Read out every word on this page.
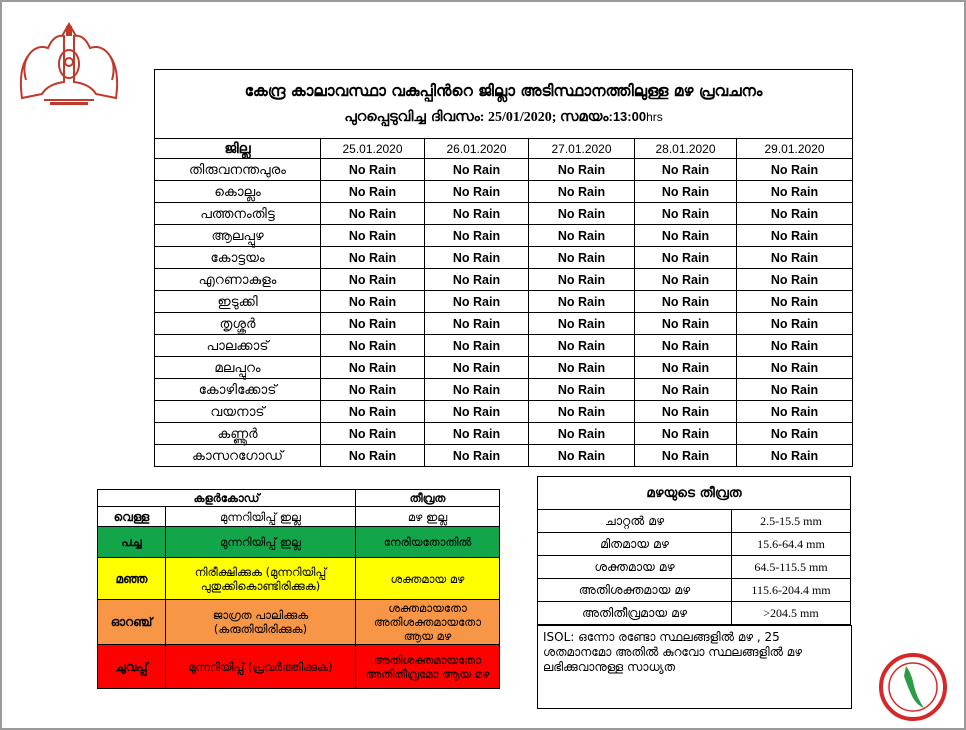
കേന്ദ്ര കാലാവസ്ഥാ വകുപ്പിൻറെ ജില്ലാ അടിസ്ഥാനത്തിലുള്ള മഴ പ്രവചനം
പുറപ്പെടുവിച്ച ദിവസം: 25/01/2020; സമയം:13:00hrs					

ജില്ല	25.01.2020	26.01.2020	27.01.2020	28.01.2020	29.01.2020
തിരുവനന്തപുരം	No Rain	No Rain	No Rain	No Rain	No Rain
കൊല്ലം	No Rain	No Rain	No Rain	No Rain	No Rain
പത്തനംതിട്ട	No Rain	No Rain	No Rain	No Rain	No Rain
ആലപ്പുഴ	No Rain	No Rain	No Rain	No Rain	No Rain
കോട്ടയം	No Rain	No Rain	No Rain	No Rain	No Rain
എറണാകുളം	No Rain	No Rain	No Rain	No Rain	No Rain
ഇടുക്കി	No Rain	No Rain	No Rain	No Rain	No Rain
തൃശ്ശൂർ	No Rain	No Rain	No Rain	No Rain	No Rain
പാലക്കാട്	No Rain	No Rain	No Rain	No Rain	No Rain
മലപ്പുറം	No Rain	No Rain	No Rain	No Rain	No Rain
കോഴിക്കോട്	No Rain	No Rain	No Rain	No Rain	No Rain
വയനാട്	No Rain	No Rain	No Rain	No Rain	No Rain
കണ്ണൂർ	No Rain	No Rain	No Rain	No Rain	No Rain
കാസറഗോഡ്	No Rain	No Rain	No Rain	No Rain	No Rain
കളർകോഡ്		തീവ്രത
വെള്ള	മുന്നറിയിപ്പ് ഇല്ല	മഴ ഇല്ല
പച്ച	മുന്നറിയിപ്പ് ഇല്ല	നേരിയതോതിൽ
മഞ്ഞ	നിരീക്ഷിക്കുക (മുന്നറിയിപ്പ് പുതുക്കികൊണ്ടിരിക്കുക)	ശക്തമായ മഴ
ഓറഞ്ച്	ജാഗ്രത പാലിക്കുക (കരുതിയിരിക്കുക)	ശക്തമായതോ അതിശക്തമായതോ ആയ മഴ
ചുവപ്പ്	മുന്നറിയിപ്പ് (പ്രവർത്തിക്കുക)	അതിശക്തമായതോ അതിതീവ്രമോ ആയ മഴ
മഴയുടെ തീവ്രത	
ചാറ്റൽ മഴ	2.5-15.5 mm
മിതമായ മഴ	15.6-64.4 mm
ശക്തമായ മഴ	64.5-115.5 mm
അതിശക്തമായ മഴ	115.6-204.4 mm
അതിതീവ്രമായ മഴ	>204.5 mm
ISOL: ഒന്നോ രണ്ടോ സ്ഥലങ്ങളിൽ മഴ , 25 ശതമാനമോ അതിൽ കുറവോ സ്ഥലങ്ങളിൽ മഴ ലഭിക്കുവാനുള്ള സാധ്യത
